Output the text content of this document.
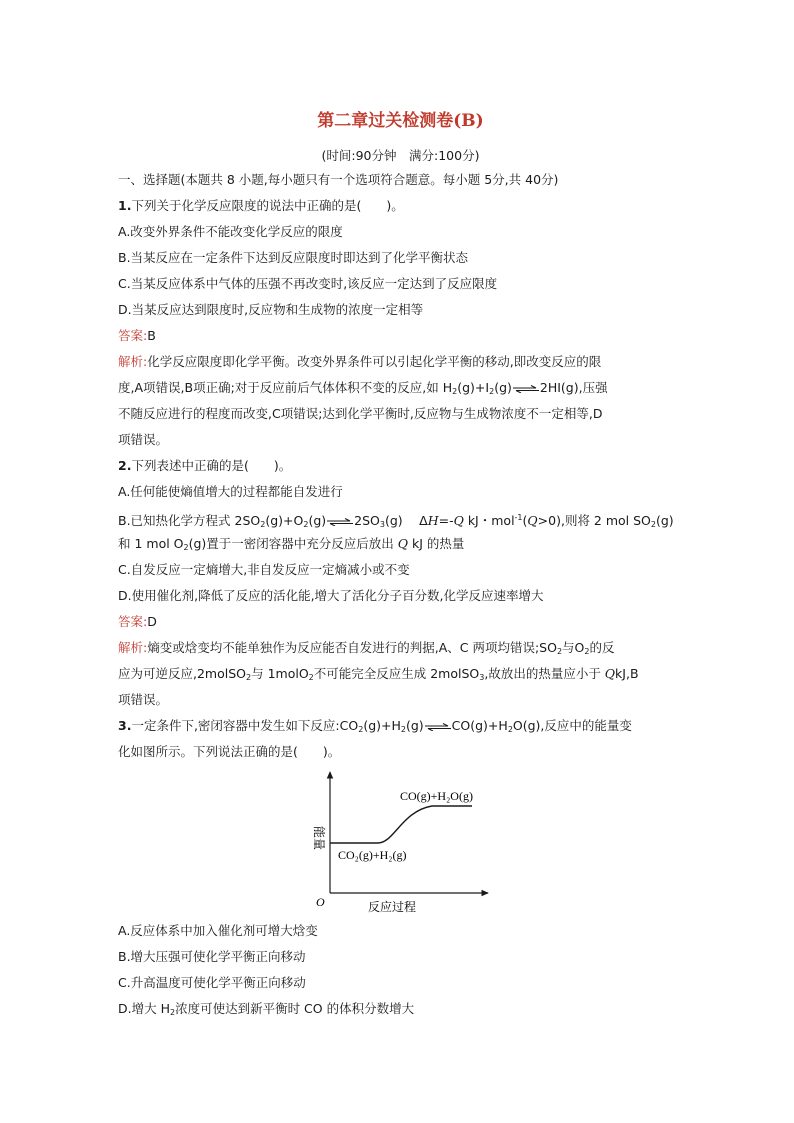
第二章过关检测卷(B)
(时间:90分钟　满分:100分)
一、选择题(本题共 8 小题,每小题只有一个选项符合题意。每小题 5分,共 40分)
1.下列关于化学反应限度的说法中正确的是(　　)。
A.改变外界条件不能改变化学反应的限度
B.当某反应在一定条件下达到反应限度时即达到了化学平衡状态
C.当某反应体系中气体的压强不再改变时,该反应一定达到了反应限度
D.当某反应达到限度时,反应物和生成物的浓度一定相等
答案:B
解析:化学反应限度即化学平衡。改变外界条件可以引起化学平衡的移动,即改变反应的限
度,A项错误,B项正确;对于反应前后气体体积不变的反应,如 $H_2(g)+I_2(g)\rightleftharpoons 2HI(g)$,压强
不随反应进行的程度而改变,C项错误;达到化学平衡时,反应物与生成物浓度不一定相等,D
项错误。
2.下列表述中正确的是(　　)。
A.任何能使熵值增大的过程都能自发进行
B.已知热化学方程式 $2SO_2(g)+O_2(g)\rightleftharpoons 2SO_3(g)$　 ΔH=-Q kJ・mol$^{-1}$(Q>0),则将 2 mol $SO_2(g)$
和 1 mol $O_2(g)$置于一密闭容器中充分反应后放出 Q kJ 的热量
C.自发反应一定熵增大,非自发反应一定熵减小或不变
D.使用催化剂,降低了反应的活化能,增大了活化分子百分数,化学反应速率增大
答案:D
解析:熵变或焓变均不能单独作为反应能否自发进行的判据,A、C 两项均错误$;SO_2$与$O_2$的反
应为可逆反应,2molSO$_2$与 1molO$_2$不可能完全反应生成 2molSO$_3$,故放出的热量应小于 QkJ,B
项错误。
3.一定条件下,密闭容器中发生如下反应$:CO_2(g)+H_2(g)\rightleftharpoons CO(g)+H_2O(g)$,反应中的能量变
化如图所示。下列说法正确的是(　　)。
能量
反应过程
O
CO(g)+H₂O(g)
CO₂(g)+H₂(g)
A.反应体系中加入催化剂可增大焓变
B.增大压强可使化学平衡正向移动
C.升高温度可使化学平衡正向移动
D.增大 $H_2$浓度可使达到新平衡时 CO 的体积分数增大
